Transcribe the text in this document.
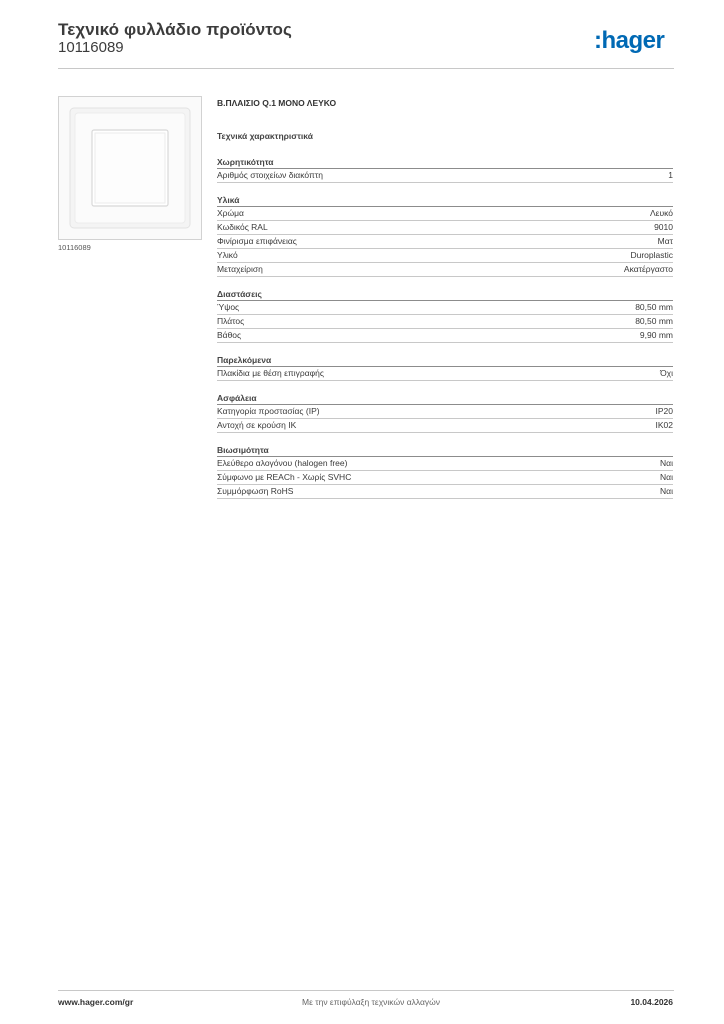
Τεχνικό φυλλάδιο προϊόντος
10116089	:hager
10116089
Β.ΠΛΑΙΣΙΟ Q.1 ΜΟΝΟ ΛΕΥΚΟ
Τεχνικά χαρακτηριστικά
Χωρητικότητα
Αριθμός στοιχείων διακόπτη	1
Υλικά
Χρώμα	Λευκό
Κωδικός RAL	9010
Φινίρισμα επιφάνειας	Ματ
Υλικό	Duroplastic
Μεταχείριση	Ακατέργαστο
Διαστάσεις
Ύψος	80,50 mm
Πλάτος	80,50 mm
Βάθος	9,90 mm
Παρελκόμενα
Πλακίδια με θέση επιγραφής	Όχι
Ασφάλεια
Κατηγορία προστασίας (IP)	IP20
Αντοχή σε κρούση IK	IK02
Βιωσιμότητα
Ελεύθερο αλογόνου (halogen free)	Ναι
Σύμφωνο με REACh - Χωρίς SVHC	Ναι
Συμμόρφωση RoHS	Ναι
www.hager.com/gr	Με την επιφύλαξη τεχνικών αλλαγών	10.04.2026
